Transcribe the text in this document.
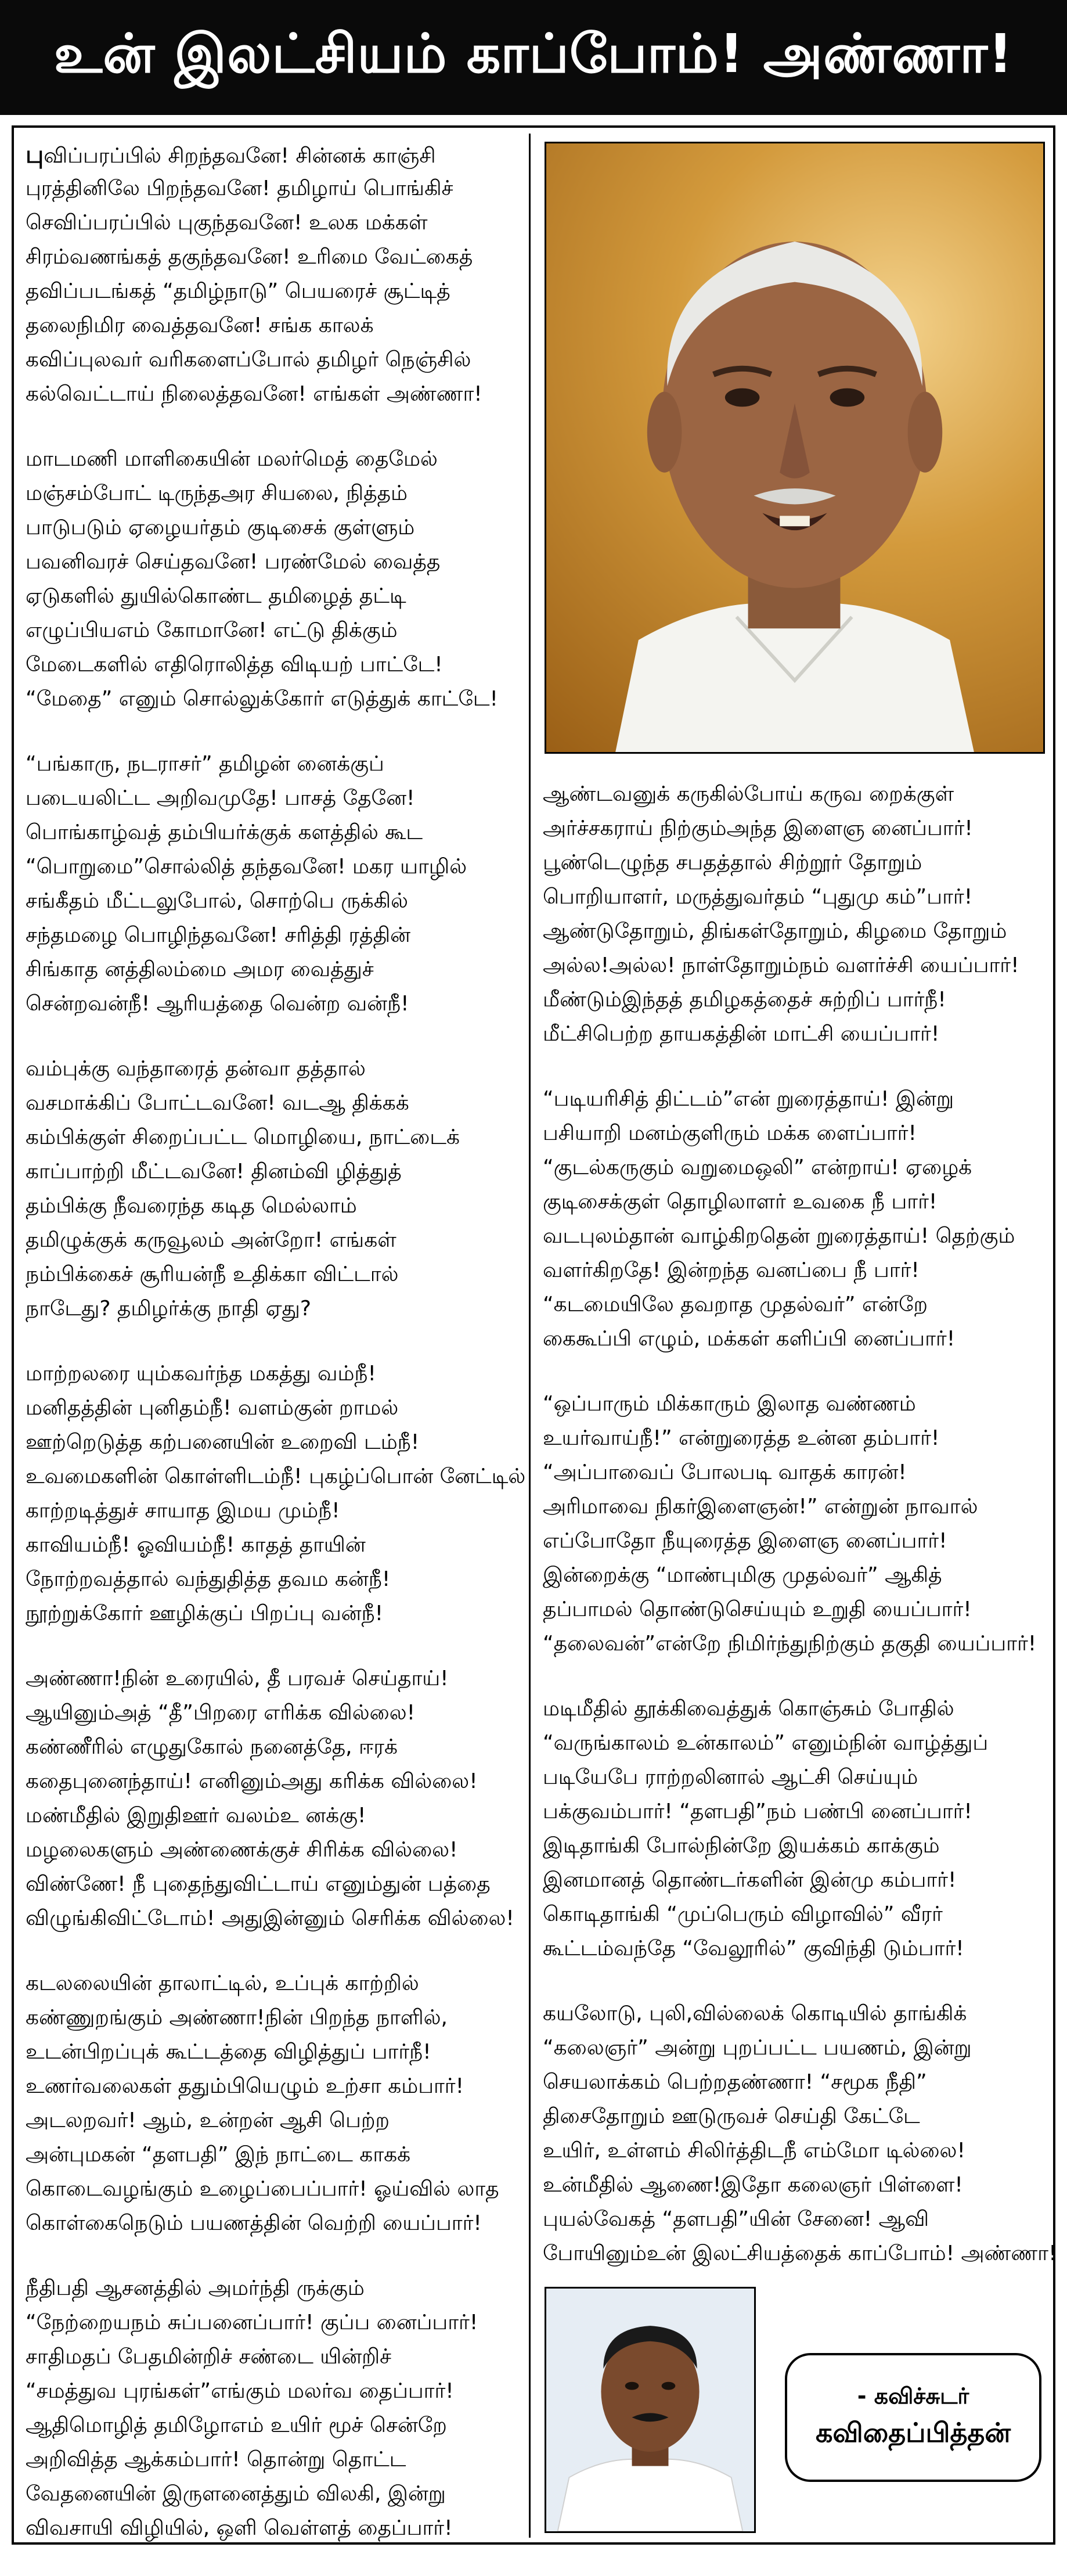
உன் இலட்சியம் காப்போம்! அண்ணா!
புவிப்பரப்பில் சிறந்தவனே! சின்னக் காஞ்சி
புரத்தினிலே பிறந்தவனே! தமிழாய் பொங்கிச்
செவிப்பரப்பில் புகுந்தவனே! உலக மக்கள்
சிரம்வணங்கத் தகுந்தவனே! உரிமை வேட்கைத்
தவிப்படங்கத் “தமிழ்நாடு” பெயரைச் சூட்டித்
தலைநிமிர வைத்தவனே! சங்க காலக்
கவிப்புலவர் வரிகளைப்போல் தமிழர் நெஞ்சில்
கல்வெட்டாய் நிலைத்தவனே! எங்கள் அண்ணா!
மாடமணி மாளிகையின் மலர்மெத் தைமேல்
மஞ்சம்போட் டிருந்தஅர சியலை, நித்தம்
பாடுபடும் ஏழையர்தம் குடிசைக் குள்ளும்
பவனிவரச் செய்தவனே! பரண்மேல் வைத்த
ஏடுகளில் துயில்கொண்ட தமிழைத் தட்டி
எழுப்பியஎம் கோமானே! எட்டு திக்கும்
மேடைகளில் எதிரொலித்த விடியற் பாட்டே!
“மேதை” எனும் சொல்லுக்கோர் எடுத்துக் காட்டே!
“பங்காரு, நடராசர்” தமிழன் னைக்குப்
படையலிட்ட அறிவமுதே! பாசத் தேனே!
பொங்காழ்வத் தம்பியர்க்குக் களத்தில் கூட
“பொறுமை”சொல்லித் தந்தவனே! மகர யாழில்
சங்கீதம் மீட்டலுபோல், சொற்பெ ருக்கில்
சந்தமழை பொழிந்தவனே! சரித்தி ரத்தின்
சிங்காத னத்திலம்மை அமர வைத்துச்
சென்றவன்நீ! ஆரியத்தை வென்ற வன்நீ!
வம்புக்கு வந்தாரைத் தன்வா தத்தால்
வசமாக்கிப் போட்டவனே! வடஆ திக்கக்
கம்பிக்குள் சிறைப்பட்ட மொழியை, நாட்டைக்
காப்பாற்றி மீட்டவனே! தினம்வி ழித்துத்
தம்பிக்கு நீவரைந்த கடித மெல்லாம்
தமிழுக்குக் கருவூலம் அன்றோ! எங்கள்
நம்பிக்கைச் சூரியன்நீ உதிக்கா விட்டால்
நாடேது? தமிழர்க்கு நாதி ஏது?
மாற்றலரை யும்கவர்ந்த மகத்து வம்நீ!
மனிதத்தின் புனிதம்நீ! வளம்குன் றாமல்
ஊற்றெடுத்த கற்பனையின் உறைவி டம்நீ!
உவமைகளின் கொள்ளிடம்நீ! புகழ்ப்பொன் னேட்டில்
காற்றடித்துச் சாயாத இமய மும்நீ!
காவியம்நீ! ஓவியம்நீ! காதத் தாயின்
நோற்றவத்தால் வந்துதித்த தவம கன்நீ!
நூற்றுக்கோர் ஊழிக்குப் பிறப்பு வன்நீ!
அண்ணா!நின் உரையில், தீ பரவச் செய்தாய்!
ஆயினும்அத் “தீ”பிறரை எரிக்க வில்லை!
கண்ணீரில் எழுதுகோல் நனைத்தே, ஈரக்
கதைபுனைந்தாய்! எனினும்அது கரிக்க வில்லை!
மண்மீதில் இறுதிஊர் வலம்உ னக்கு!
மழலைகளும் அண்ணைக்குச் சிரிக்க வில்லை!
விண்ணே! நீ புதைந்துவிட்டாய் எனும்துன் பத்தை
விழுங்கிவிட்டோம்! அதுஇன்னும் செரிக்க வில்லை!
கடலலையின் தாலாட்டில், உப்புக் காற்றில்
கண்ணுறங்கும் அண்ணா!நின் பிறந்த நாளில்,
உடன்பிறப்புக் கூட்டத்தை விழித்துப் பார்நீ!
உணர்வலைகள் ததும்பியெழும் உற்சா கம்பார்!
அடலறவர்! ஆம், உன்றன் ஆசி பெற்ற
அன்புமகன் “தளபதி” இந் நாட்டை காகக்
கொடைவழங்கும் உழைப்பைப்பார்! ஓய்வில் லாத
கொள்கைநெடும் பயணத்தின் வெற்றி யைப்பார்!
நீதிபதி ஆசனத்தில் அமர்ந்தி ருக்கும்
“நேற்றையநம் சுப்பனைப்பார்! குப்ப னைப்பார்!
சாதிமதப் பேதமின்றிச் சண்டை யின்றிச்
“சமத்துவ புரங்கள்”எங்கும் மலர்வ தைப்பார்!
ஆதிமொழித் தமிழோஎம் உயிர் மூச் சென்றே
அறிவித்த ஆக்கம்பார்! தொன்று தொட்ட
வேதனையின் இருளனைத்தும் விலகி, இன்று
விவசாயி விழியில், ஒளி வெள்ளத் தைப்பார்!
ஆண்டவனுக் கருகில்போய் கருவ றைக்குள்
அர்ச்சகராய் நிற்கும்அந்த இளைஞ னைப்பார்!
பூண்டெழுந்த சபதத்தால் சிற்றூர் தோறும்
பொறியாளர், மருத்துவர்தம் “புதுமு கம்”பார்!
ஆண்டுதோறும், திங்கள்தோறும், கிழமை தோறும்
அல்ல!அல்ல! நாள்தோறும்நம் வளர்ச்சி யைப்பார்!
மீண்டும்இந்தத் தமிழகத்தைச் சுற்றிப் பார்நீ!
மீட்சிபெற்ற தாயகத்தின் மாட்சி யைப்பார்!
“படியரிசித் திட்டம்”என் றுரைத்தாய்! இன்று
பசியாறி மனம்குளிரும் மக்க ளைப்பார்!
“குடல்கருகும் வறுமைஒலி” என்றாய்! ஏழைக்
குடிசைக்குள் தொழிலாளர் உவகை நீ பார்!
வடபுலம்தான் வாழ்கிறதென் றுரைத்தாய்! தெற்கும்
வளர்கிறதே! இன்றந்த வனப்பை நீ பார்!
“கடமையிலே தவறாத முதல்வர்” என்றே
கைகூப்பி எழும், மக்கள் களிப்பி னைப்பார்!
“ஒப்பாரும் மிக்காரும் இலாத வண்ணம்
உயர்வாய்நீ!” என்றுரைத்த உன்ன தம்பார்!
“அப்பாவைப் போலபடி வாதக் காரன்!
அரிமாவை நிகர்இளைஞன்!” என்றுன் நாவால்
எப்போதோ நீயுரைத்த இளைஞ னைப்பார்!
இன்றைக்கு “மாண்புமிகு முதல்வர்” ஆகித்
தப்பாமல் தொண்டுசெய்யும் உறுதி யைப்பார்!
“தலைவன்”என்றே நிமிர்ந்துநிற்கும் தகுதி யைப்பார்!
மடிமீதில் தூக்கிவைத்துக் கொஞ்சும் போதில்
“வருங்காலம் உன்காலம்” எனும்நின் வாழ்த்துப்
படியேபே ராற்றலினால் ஆட்சி செய்யும்
பக்குவம்பார்! “தளபதி”நம் பண்பி னைப்பார்!
இடிதாங்கி போல்நின்றே இயக்கம் காக்கும்
இனமானத் தொண்டர்களின் இன்மு கம்பார்!
கொடிதாங்கி “முப்பெரும் விழாவில்” வீரர்
கூட்டம்வந்தே “வேலூரில்” குவிந்தி டும்பார்!
கயலோடு, புலி,வில்லைக் கொடியில் தாங்கிக்
“கலைஞர்” அன்று புறப்பட்ட பயணம், இன்று
செயலாக்கம் பெற்றதண்ணா! “சமூக நீதி”
திசைதோறும் ஊடுருவச் செய்தி கேட்டே
உயிர், உள்ளம் சிலிர்த்திடநீ எம்மோ டில்லை!
உன்மீதில் ஆணை!இதோ கலைஞர் பிள்ளை!
புயல்வேகத் “தளபதி”யின் சேனை! ஆவி
போயினும்உன் இலட்சியத்தைக் காப்போம்! அண்ணா!
- கவிச்சுடர்
கவிதைப்பித்தன்
